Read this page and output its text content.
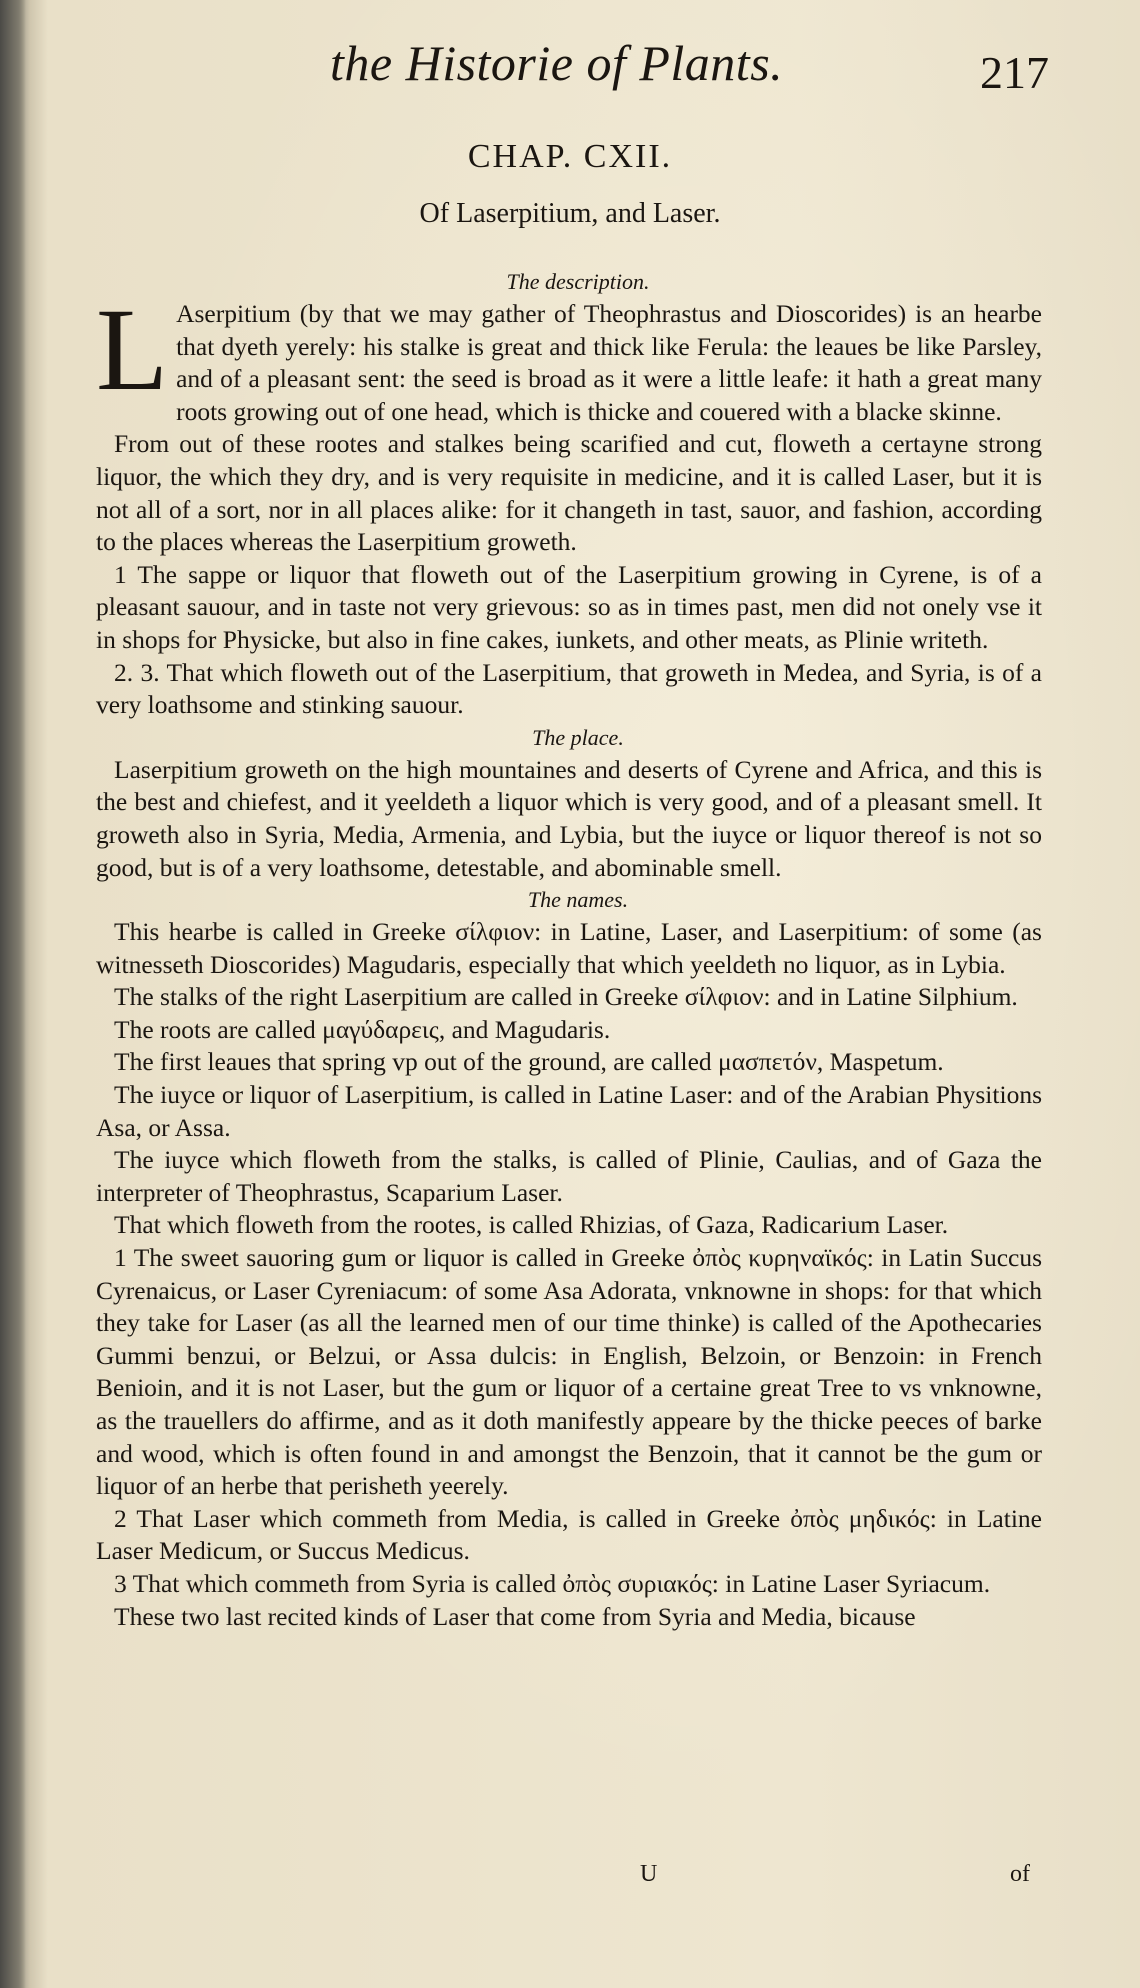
the Historie of Plants.	217
CHAP. CXII.
Of Laserpitium, and Laser.

The description.

L Aserpitium (by that we may gather of Theophrastus and Dioscorides) is an hearbe that dyeth yerely: his stalke is great and thick like Ferula: the leaues be like Parsley, and of a pleasant sent: the seed is broad as it were a little leafe: it hath a great many roots growing out of one head, which is thicke and couered with a blacke skinne.

From out of these rootes and stalkes being scarified and cut, floweth a certayne strong liquor, the which they dry, and is very requisite in medicine, and it is called Laser, but it is not all of a sort, nor in all places alike: for it changeth in tast, sauor, and fashion, according to the places whereas the Laserpitium groweth.

1 The sappe or liquor that floweth out of the Laserpitium growing in Cyrene, is of a pleasant sauour, and in taste not very grievous: so as in times past, men did not onely vse it in shops for Physicke, but also in fine cakes, iunkets, and other meats, as Plinie writeth.

2. 3. That which floweth out of the Laserpitium, that groweth in Medea, and Syria, is of a very loathsome and stinking sauour.

The place.

Laserpitium groweth on the high mountaines and deserts of Cyrene and Africa, and this is the best and chiefest, and it yeeldeth a liquor which is very good, and of a pleasant smell. It groweth also in Syria, Media, Armenia, and Lybia, but the iuyce or liquor thereof is not so good, but is of a very loathsome, detestable, and abominable smell.

The names.

This hearbe is called in Greeke σίλφιον: in Latine, Laser, and Laserpitium: of some (as witnesseth Dioscorides) Magudaris, especially that which yeeldeth no liquor, as in Lybia.

The stalks of the right Laserpitium are called in Greeke σίλφιον: and in Latine Silphium.

The roots are called μαγύδαρεις, and Magudaris.

The first leaues that spring vp out of the ground, are called μασπετόν, Maspetum.

The iuyce or liquor of Laserpitium, is called in Latine Laser: and of the Arabian Physitions Asa, or Assa.

The iuyce which floweth from the stalks, is called of Plinie, Caulias, and of Gaza the interpreter of Theophrastus, Scaparium Laser.

That which floweth from the rootes, is called Rhizias, of Gaza, Radicarium Laser.

1 The sweet sauoring gum or liquor is called in Greeke ὀπὸς κυρηναϊκός: in Latin Succus Cyrenaicus, or Laser Cyreniacum: of some Asa Adorata, vnknowne in shops: for that which they take for Laser (as all the learned men of our time thinke) is called of the Apothecaries Gummi benzui, or Belzui, or Assa dulcis: in English, Belzoin, or Benzoin: in French Benioin, and it is not Laser, but the gum or liquor of a certaine great Tree to vs vnknowne, as the trauellers do affirme, and as it doth manifestly appeare by the thicke peeces of barke and wood, which is often found in and amongst the Benzoin, that it cannot be the gum or liquor of an herbe that perisheth yeerely.

2 That Laser which commeth from Media, is called in Greeke ὀπὸς μηδικός: in Latine Laser Medicum, or Succus Medicus.

3 That which commeth from Syria is called ὀπὸς συριακός: in Latine Laser Syriacum.

These two last recited kinds of Laser that come from Syria and Media, bicause

U	of
